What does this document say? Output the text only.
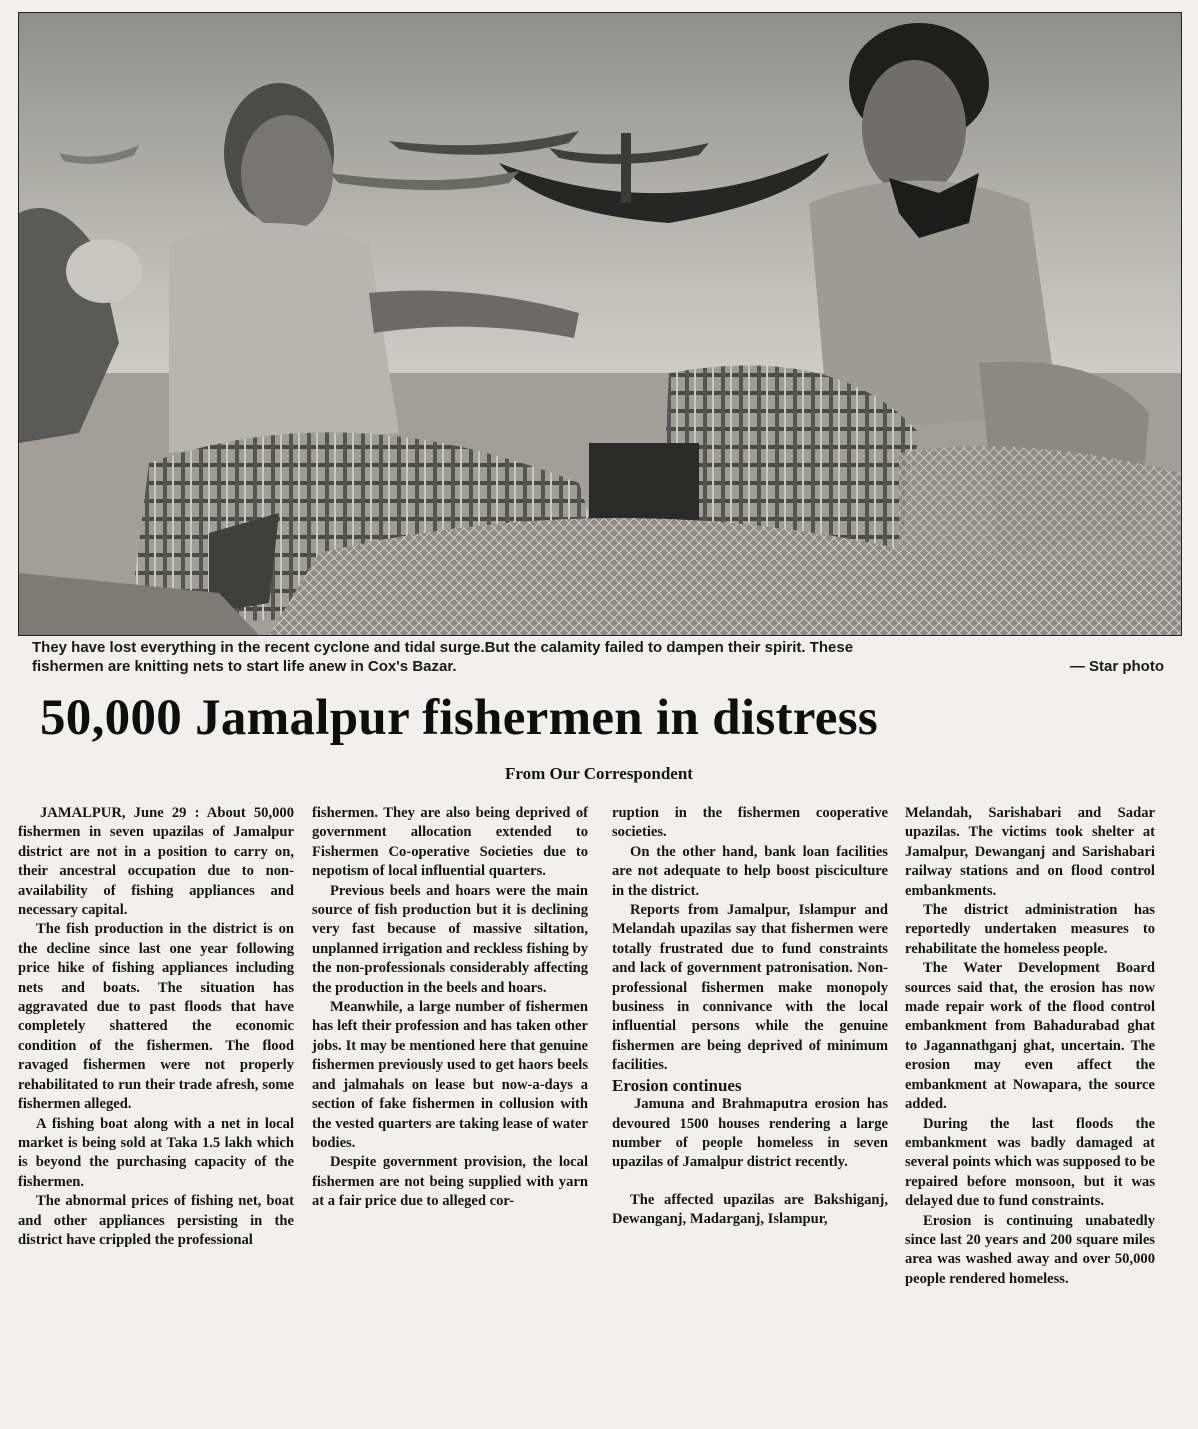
They have lost everything in the recent cyclone and tidal surge.But the calamity failed to dampen their spirit. These
fishermen are knitting nets to start life anew in Cox's Bazar.	— Star photo
50,000 Jamalpur fishermen in distress
From Our Correspondent

JAMALPUR, June 29 : About 50,000 fishermen in seven upazilas of Jamalpur district are not in a position to carry on, their ancestral occupation due to non-availability of fishing appliances and necessary capital.

The fish production in the district is on the decline since last one year following price hike of fishing appliances including nets and boats. The situation has aggravated due to past floods that have completely shattered the economic condition of the fishermen. The flood ravaged fishermen were not properly rehabilitated to run their trade afresh, some fishermen alleged.

A fishing boat along with a net in local market is being sold at Taka 1.5 lakh which is beyond the purchasing capacity of the fishermen.

The abnormal prices of fishing net, boat and other appliances persisting in the district have crippled the professional

fishermen. They are also being deprived of government allocation extended to Fishermen Co-operative Societies due to nepotism of local influential quarters.

Previous beels and hoars were the main source of fish production but it is declining very fast because of massive siltation, unplanned irrigation and reckless fishing by the non-professionals considerably affecting the production in the beels and hoars.

Meanwhile, a large number of fishermen has left their profession and has taken other jobs. It may be mentioned here that genuine fishermen previously used to get haors beels and jalmahals on lease but now-a-days a section of fake fishermen in collusion with the vested quarters are taking lease of water bodies.

Despite government provision, the local fishermen are not being supplied with yarn at a fair price due to alleged cor-

ruption in the fishermen cooperative societies.

On the other hand, bank loan facilities are not adequate to help boost pisciculture in the district.

Reports from Jamalpur, Islampur and Melandah upazilas say that fishermen were totally frustrated due to fund constraints and lack of government patronisation. Non-professional fishermen make monopoly business in connivance with the local influential persons while the genuine fishermen are being deprived of minimum facilities.

Erosion continues

Jamuna and Brahmaputra erosion has devoured 1500 houses rendering a large number of people homeless in seven upazilas of Jamalpur district recently.

The affected upazilas are Bakshiganj, Dewanganj, Madarganj, Islampur,

Melandah, Sarishabari and Sadar upazilas. The victims took shelter at Jamalpur, Dewanganj and Sarishabari railway stations and on flood control embankments.

The district administration has reportedly undertaken measures to rehabilitate the homeless people.

The Water Development Board sources said that, the erosion has now made repair work of the flood control embankment from Bahadurabad ghat to Jagannathganj ghat, uncertain. The erosion may even affect the embankment at Nowapara, the source added.

During the last floods the embankment was badly damaged at several points which was supposed to be repaired before monsoon, but it was delayed due to fund constraints.

Erosion is continuing unabatedly since last 20 years and 200 square miles area was washed away and over 50,000 people rendered homeless.
